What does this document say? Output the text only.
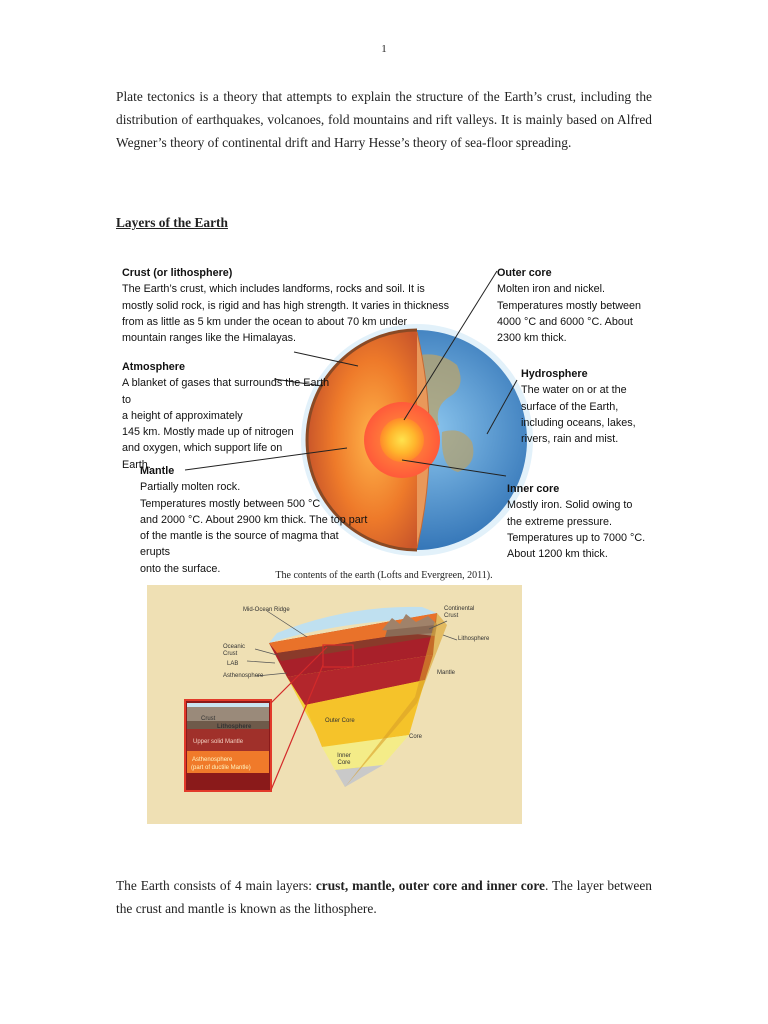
1
Plate tectonics is a theory that attempts to explain the structure of the Earth’s crust, including the distribution of earthquakes, volcanoes, fold mountains and rift valleys. It is mainly based on Alfred Wegner’s theory of continental drift and Harry Hesse’s theory of sea-floor spreading.
Layers of the Earth
Crust (or lithosphere)
The Earth’s crust, which includes landforms, rocks and soil. It is
mostly solid rock, is rigid and has high strength. It varies in thickness
from as little as 5 km under the ocean to about 70 km under
mountain ranges like the Himalayas.
Atmosphere
A blanket of gases that surrounds the Earth to
a height of approximately
145 km. Mostly made up of nitrogen
and oxygen, which support life on
Earth.
Mantle
Partially molten rock.
Temperatures mostly between 500 °C
and 2000 °C. About 2900 km thick. The top part
of the mantle is the source of magma that erupts
onto the surface.
Outer core
Molten iron and nickel.
Temperatures mostly between
4000 °C and 6000 °C. About
2300 km thick.
Hydrosphere
The water on or at the
surface of the Earth,
including oceans, lakes,
rivers, rain and mist.
Inner core
Mostly iron. Solid owing to
the extreme pressure.
Temperatures up to 7000 °C.
About 1200 km thick.
The contents of the earth (Lofts and Evergreen, 2011).
Mid-Ocean Ridge	Continental Crust
Lithosphere
Oceanic Crust
LAB
Asthenosphere	Mantle
Outer Core
Core
Inner Core
Crust
Lithosphere
Upper solid Mantle
Asthenosphere
(part of ductile Mantle)
The Earth consists of 4 main layers: crust, mantle, outer core and inner core. The layer between the crust and mantle is known as the lithosphere.
